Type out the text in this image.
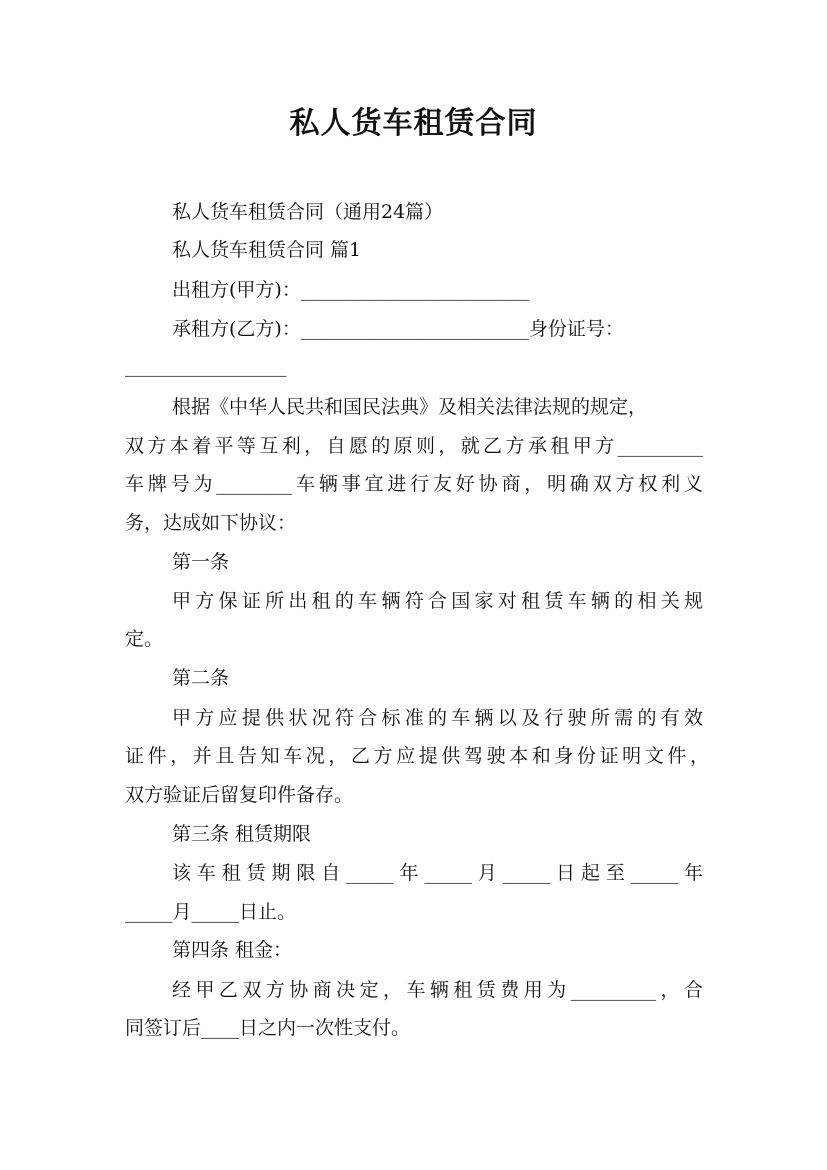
私人货车租赁合同
私人货车租赁合同（通用24篇）
私人货车租赁合同 篇1
出租方(甲方)：________________________
承租方(乙方)：________________________身份证号：
_________________
根据《中华人民共和国民法典》及相关法律法规的规定，
双方本着平等互利，自愿的原则，就乙方承租甲方_________
车牌号为________车辆事宜进行友好协商，明确双方权利义
务，达成如下协议：
第一条
甲方保证所出租的车辆符合国家对租赁车辆的相关规
定。
第二条
甲方应提供状况符合标准的车辆以及行驶所需的有效
证件，并且告知车况，乙方应提供驾驶本和身份证明文件，
双方验证后留复印件备存。
第三条 租赁期限
该车租赁期限自_____年_____月_____日起至_____年
_____月_____日止。
第四条 租金：
经甲乙双方协商决定，车辆租赁费用为_________，合
同签订后____日之内一次性支付。
